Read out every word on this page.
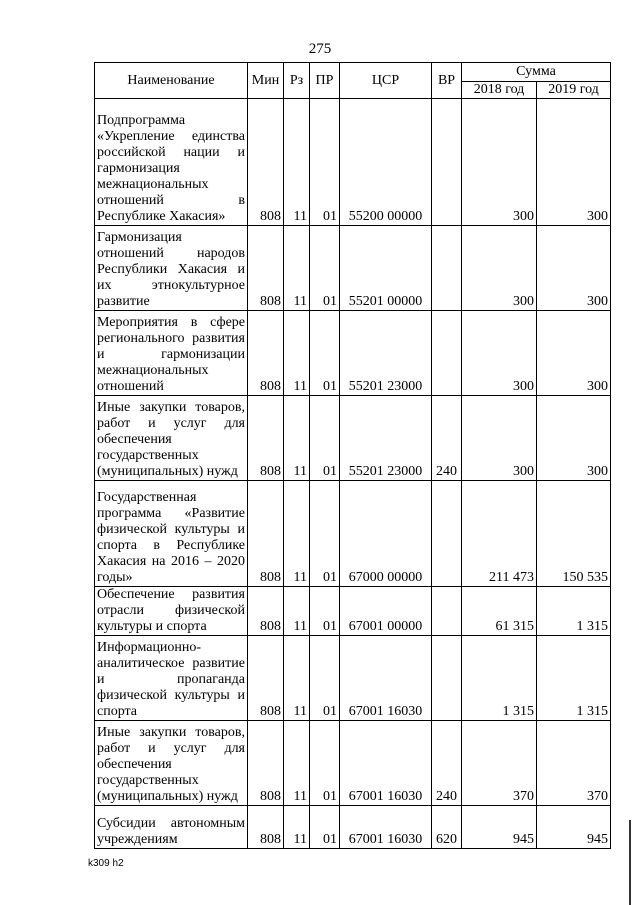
275
Наименование	Мин	Рз	ПР	ЦСР	ВР	Сумма	
						2018 год	2019 год
Подпрограмма «Укрепление единства российской нации и гармонизация межнациональных отношений в Республике Хакасия»	808	11	01	55200 00000		300	300
Гармонизация отношений народов Республики Хакасия и их этнокультурное развитие	808	11	01	55201 00000		300	300
Мероприятия в сфере регионального развития и гармонизации межнациональных отношений	808	11	01	55201 23000		300	300
Иные закупки товаров, работ и услуг для обеспечения государственных (муниципальных) нужд	808	11	01	55201 23000	240	300	300
Государственная программа «Развитие физической культуры и спорта в Республике Хакасия на 2016 – 2020 годы»	808	11	01	67000 00000		211 473	150 535
Обеспечение развития отрасли физической культуры и спорта	808	11	01	67001 00000		61 315	1 315
Информационно-аналитическое развитие и пропаганда физической культуры и спорта	808	11	01	67001 16030		1 315	1 315
Иные закупки товаров, работ и услуг для обеспечения государственных (муниципальных) нужд	808	11	01	67001 16030	240	370	370
Субсидии автономным учреждениям	808	11	01	67001 16030	620	945	945
k309 h2
